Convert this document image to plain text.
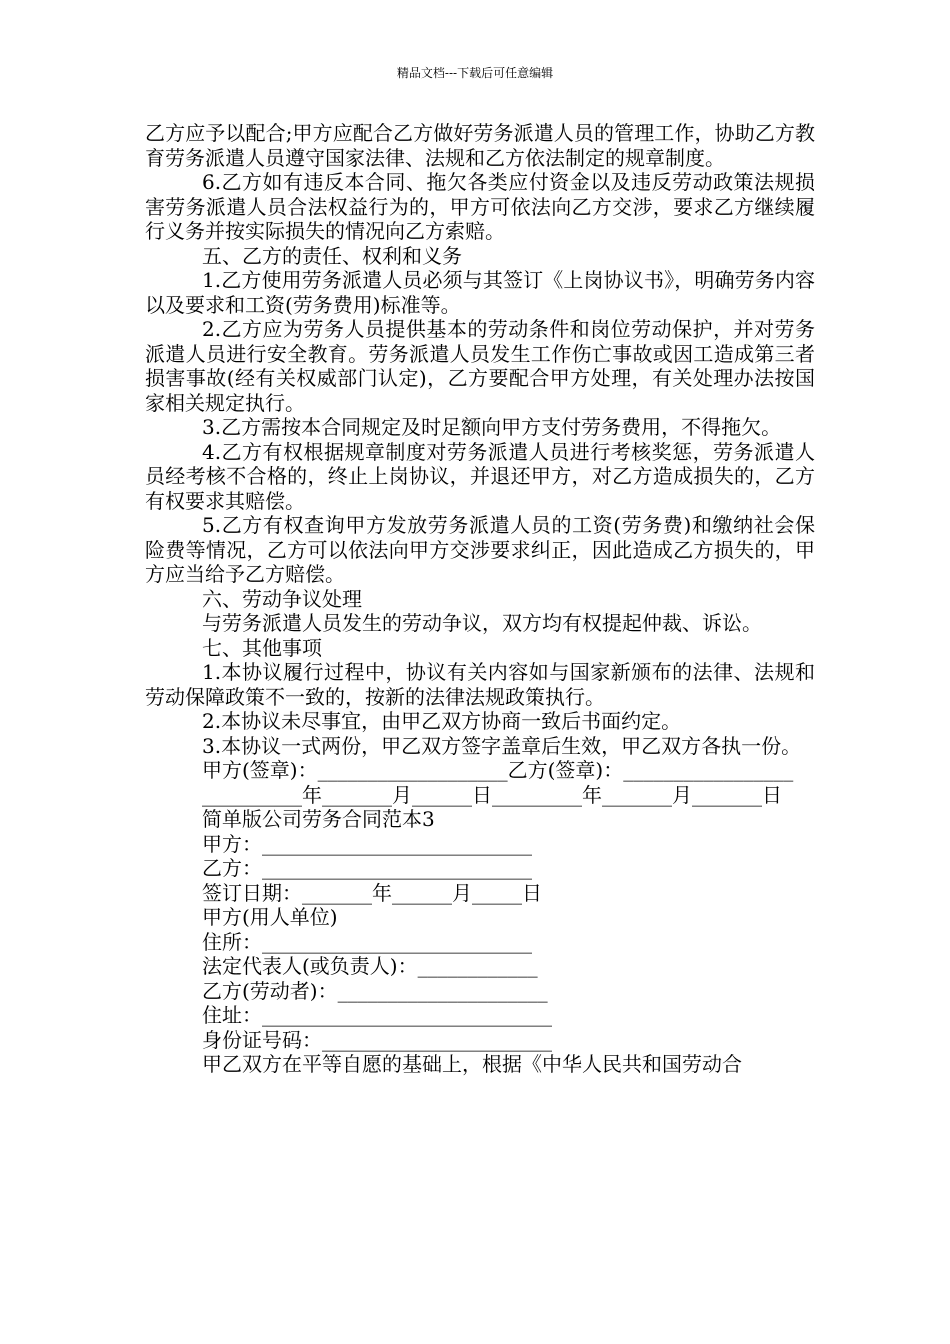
精品文档---下载后可任意编辑

乙方应予以配合;甲方应配合乙方做好劳务派遣人员的管理工作，协助乙方教育劳务派遣人员遵守国家法律、法规和乙方依法制定的规章制度。

6.乙方如有违反本合同、拖欠各类应付资金以及违反劳动政策法规损害劳务派遣人员合法权益行为的，甲方可依法向乙方交涉，要求乙方继续履行义务并按实际损失的情况向乙方索赔。

五、乙方的责任、权利和义务

1.乙方使用劳务派遣人员必须与其签订《上岗协议书》，明确劳务内容以及要求和工资(劳务费用)标准等。

2.乙方应为劳务人员提供基本的劳动条件和岗位劳动保护，并对劳务派遣人员进行安全教育。劳务派遣人员发生工作伤亡事故或因工造成第三者损害事故(经有关权威部门认定)，乙方要配合甲方处理，有关处理办法按国家相关规定执行。

3.乙方需按本合同规定及时足额向甲方支付劳务费用，不得拖欠。

4.乙方有权根据规章制度对劳务派遣人员进行考核奖惩，劳务派遣人员经考核不合格的，终止上岗协议，并退还甲方，对乙方造成损失的，乙方有权要求其赔偿。

5.乙方有权查询甲方发放劳务派遣人员的工资(劳务费)和缴纳社会保险费等情况，乙方可以依法向甲方交涉要求纠正，因此造成乙方损失的，甲方应当给予乙方赔偿。

六、劳动争议处理

与劳务派遣人员发生的劳动争议，双方均有权提起仲裁、诉讼。

七、其他事项

1.本协议履行过程中，协议有关内容如与国家新颁布的法律、法规和劳动保障政策不一致的，按新的法律法规政策执行。

2.本协议未尽事宜，由甲乙双方协商一致后书面约定。

3.本协议一式两份，甲乙双方签字盖章后生效，甲乙双方各执一份。

甲方(签章)：___________________乙方(签章)：_________________

__________年_______月______日_________年_______月_______日

简单版公司劳务合同范本3

甲方：___________________________

乙方：___________________________

签订日期：_______年______月_____日

甲方(用人单位)

住所：___________________________

法定代表人(或负责人)：____________

乙方(劳动者)：_____________________

住址：_____________________________

身份证号码：_______________________

甲乙双方在平等自愿的基础上，根据《中华人民共和国劳动合
